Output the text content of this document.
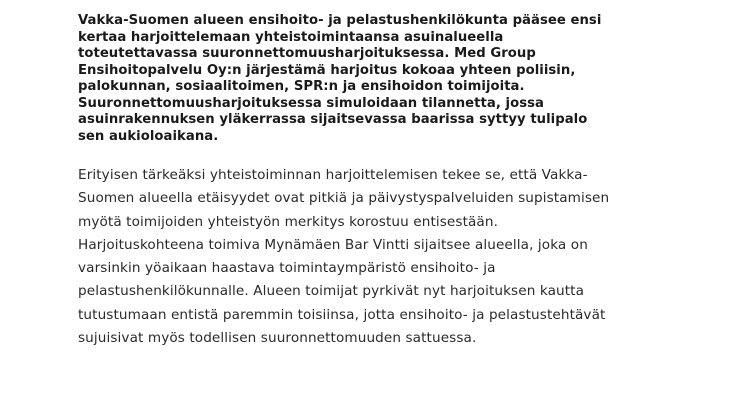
Vakka-Suomen alueen ensihoito- ja pelastushenkilökunta pääsee ensi
kertaa harjoittelemaan yhteistoimintaansa asuinalueella
toteutettavassa suuronnettomuusharjoituksessa. Med Group
Ensihoitopalvelu Oy:n järjestämä harjoitus kokoaa yhteen poliisin,
palokunnan, sosiaalitoimen, SPR:n ja ensihoidon toimijoita.
Suuronnettomuusharjoituksessa simuloidaan tilannetta, jossa
asuinrakennuksen yläkerrassa sijaitsevassa baarissa syttyy tulipalo
sen aukioloaikana.

Erityisen tärkeäksi yhteistoiminnan harjoittelemisen tekee se, että Vakka-
Suomen alueella etäisyydet ovat pitkiä ja päivystyspalveluiden supistamisen
myötä toimijoiden yhteistyön merkitys korostuu entisestään.
Harjoituskohteena toimiva Mynämäen Bar Vintti sijaitsee alueella, joka on
varsinkin yöaikaan haastava toimintaympäristö ensihoito- ja
pelastushenkilökunnalle. Alueen toimijat pyrkivät nyt harjoituksen kautta
tutustumaan entistä paremmin toisiinsa, jotta ensihoito- ja pelastustehtävät
sujuisivat myös todellisen suuronnettomuuden sattuessa.
